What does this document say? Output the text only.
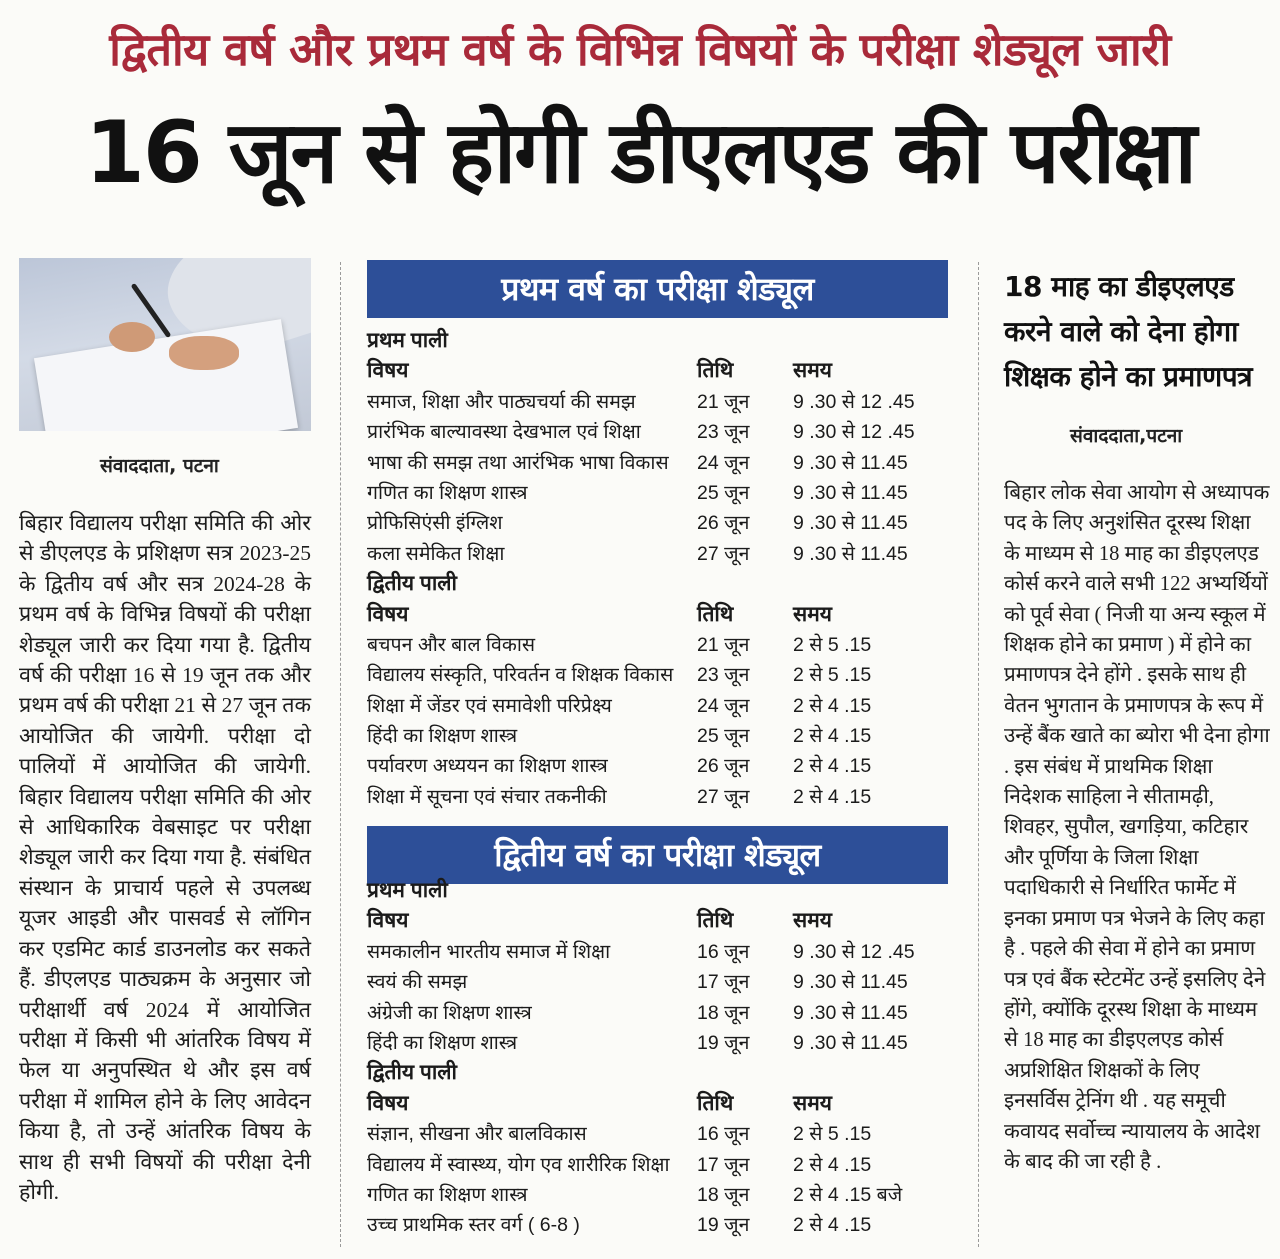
द्वितीय वर्ष और प्रथम वर्ष के विभिन्न विषयों के परीक्षा शेड्यूल जारी
16 जून से होगी डीएलएड की परीक्षा
संवाददाता, पटना
बिहार विद्यालय परीक्षा समिति की ओर से डीएलएड के प्रशिक्षण सत्र 2023-25 के द्वितीय वर्ष और सत्र 2024-28 के प्रथम वर्ष के विभिन्न विषयों की परीक्षा शेड्यूल जारी कर दिया गया है. द्वितीय वर्ष की परीक्षा 16 से 19 जून तक और प्रथम वर्ष की परीक्षा 21 से 27 जून तक आयोजित की जायेगी. परीक्षा दो पालियों में आयोजित की जायेगी. बिहार विद्यालय परीक्षा समिति की ओर से आधिकारिक वेबसाइट पर परीक्षा शेड्यूल जारी कर दिया गया है. संबंधित संस्थान के प्राचार्य पहले से उपलब्ध यूजर आइडी और पासवर्ड से लॉगिन कर एडमिट कार्ड डाउनलोड कर सकते हैं. डीएलएड पाठ्यक्रम के अनुसार जो परीक्षार्थी वर्ष 2024 में आयोजित परीक्षा में किसी भी आंतरिक विषय में फेल या अनुपस्थित थे और इस वर्ष परीक्षा में शामिल होने के लिए आवेदन किया है, तो उन्हें आंतरिक विषय के साथ ही सभी विषयों की परीक्षा देनी होगी.
प्रथम वर्ष का परीक्षा शेड्यूल
प्रथम पाली
विषय	तिथि	समय
समाज, शिक्षा और पाठ्यचर्या की समझ	21 जून 9 .30 से 12 .45
प्रारंभिक बाल्यावस्था देखभाल एवं शिक्षा	23 जून 9 .30 से 12 .45
भाषा की समझ तथा आरंभिक भाषा विकास 24 जून 9 .30 से 11.45
गणित का शिक्षण शास्त्र	25 जून 9 .30 से 11.45
प्रोफिसिएंसी इंग्लिश	26 जून 9 .30 से 11.45
कला समेकित शिक्षा	27 जून 9 .30 से 11.45
द्वितीय पाली
विषय	तिथि	समय
बचपन और बाल विकास	21 जून 2 से 5 .15
विद्यालय संस्कृति, परिवर्तन व शिक्षक विकास 23 जून 2 से 5 .15
शिक्षा में जेंडर एवं समावेशी परिप्रेक्ष्य	24 जून 2 से 4 .15
हिंदी का शिक्षण शास्त्र	25 जून 2 से 4 .15
पर्यावरण अध्ययन का शिक्षण शास्त्र	26 जून 2 से 4 .15
शिक्षा में सूचना एवं संचार तकनीकी	27 जून 2 से 4 .15
द्वितीय वर्ष का परीक्षा शेड्यूल
प्रथम पाली
विषय	तिथि	समय
समकालीन भारतीय समाज में शिक्षा	16 जून 9 .30 से 12 .45
स्वयं की समझ	17 जून 9 .30 से 11.45
अंग्रेजी का शिक्षण शास्त्र	18 जून 9 .30 से 11.45
हिंदी का शिक्षण शास्त्र	19 जून 9 .30 से 11.45
द्वितीय पाली
विषय	तिथि	समय
संज्ञान, सीखना और बालविकास	16 जून 2 से 5 .15
विद्यालय में स्वास्थ्य, योग एव शारीरिक शिक्षा 17 जून 2 से 4 .15
गणित का शिक्षण शास्त्र	18 जून 2 से 4 .15 बजे
उच्च प्राथमिक स्तर वर्ग ( 6-8 )	19 जून 2 से 4 .15
18 माह का डीइएलएड
करने वाले को देना होगा
शिक्षक होने का प्रमाणपत्र
संवाददाता,पटना
बिहार लोक सेवा आयोग से अध्यापक पद के लिए अनुशंसित दूरस्थ शिक्षा के माध्यम से 18 माह का डीइएलएड कोर्स करने वाले सभी 122 अभ्यर्थियों को पूर्व सेवा ( निजी या अन्य स्कूल में शिक्षक होने का प्रमाण ) में होने का प्रमाणपत्र देने होंगे . इसके साथ ही वेतन भुगतान के प्रमाणपत्र के रूप में उन्हें बैंक खाते का ब्योरा भी देना होगा . इस संबंध में प्राथमिक शिक्षा निदेशक साहिला ने सीतामढ़ी, शिवहर, सुपौल, खगड़िया, कटिहार और पूर्णिया के जिला शिक्षा पदाधिकारी से निर्धारित फार्मेट में इनका प्रमाण पत्र भेजने के लिए कहा है . पहले की सेवा में होने का प्रमाण पत्र एवं बैंक स्टेटमेंट उन्हें इसलिए देने होंगे, क्योंकि दूरस्थ शिक्षा के माध्यम से 18 माह का डीइएलएड कोर्स अप्रशिक्षित शिक्षकों के लिए इनसर्विस ट्रेनिंग थी . यह समूची कवायद सर्वोच्च न्यायालय के आदेश के बाद की जा रही है .
